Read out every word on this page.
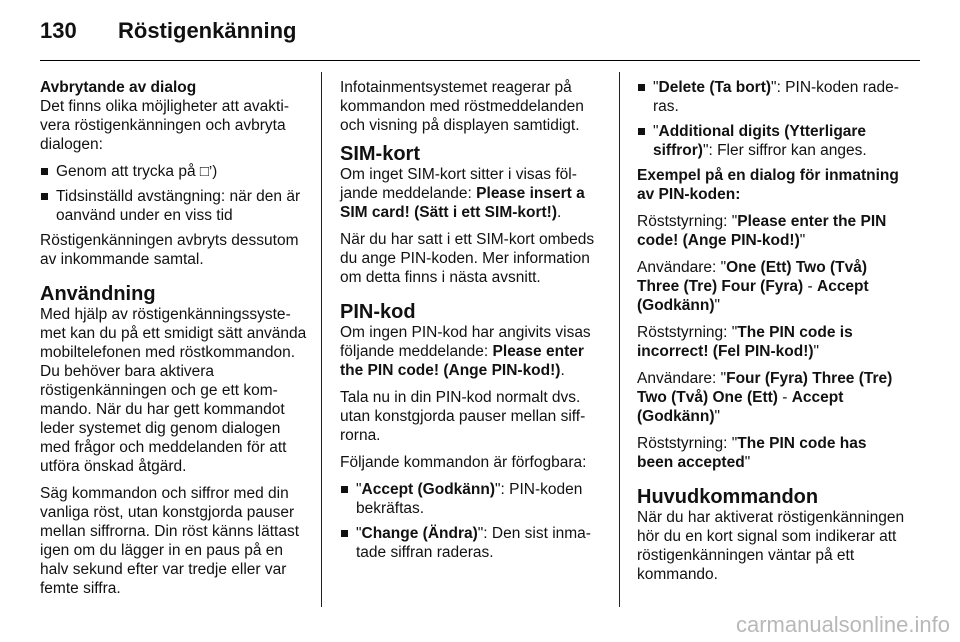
130 Röstigenkänning
Avbrytande av dialog

Det finns olika möjligheter att avaktivera röstigenkänningen och avbryta dialogen:

Genom att trycka på □’)
Tidsinställd avstängning: när den är oanvänd under en viss tid

Röstigenkänningen avbryts dessutom av inkommande samtal.

Användning

Med hjälp av röstigenkänningssystemet kan du på ett smidigt sätt använda mobiltelefonen med röstkommandon. Du behöver bara aktivera röstigenkänningen och ge ett kommando. När du har gett kommandot leder systemet dig genom dialogen med frågor och meddelanden för att utföra önskad åtgärd.

Säg kommandon och siffror med din vanliga röst, utan konstgjorda pauser mellan siffrorna. Din röst känns lättast igen om du lägger in en paus på en halv sekund efter var tredje eller var femte siffra.

Infotainmentsystemet reagerar på kommandon med röstmeddelanden och visning på displayen samtidigt.

SIM-kort

Om inget SIM-kort sitter i visas följande meddelande: Please insert a SIM card! (Sätt i ett SIM-kort!).

När du har satt i ett SIM-kort ombeds du ange PIN-koden. Mer information om detta finns i nästa avsnitt.

PIN-kod

Om ingen PIN-kod har angivits visas följande meddelande: Please enter the PIN code! (Ange PIN-kod!).

Tala nu in din PIN-kod normalt dvs. utan konstgjorda pauser mellan siffrorna.

Följande kommandon är förfogbara:

"Accept (Godkänn)": PIN-koden bekräftas.
"Change (Ändra)": Den sist inmatade siffran raderas.
"Delete (Ta bort)": PIN-koden raderas.
"Additional digits (Ytterligare siffror)": Fler siffror kan anges.

Exempel på en dialog för inmatning av PIN-koden:

Röststyrning: "Please enter the PIN code! (Ange PIN-kod!)"

Användare: "One (Ett) Two (Två) Three (Tre) Four (Fyra) - Accept (Godkänn)"

Röststyrning: "The PIN code is incorrect! (Fel PIN-kod!)"

Användare: "Four (Fyra) Three (Tre) Two (Två) One (Ett) - Accept (Godkänn)"

Röststyrning: "The PIN code has been accepted"

Huvudkommandon

När du har aktiverat röstigenkänningen hör du en kort signal som indikerar att röstigenkänningen väntar på ett kommando.

carmanualsonline.info
